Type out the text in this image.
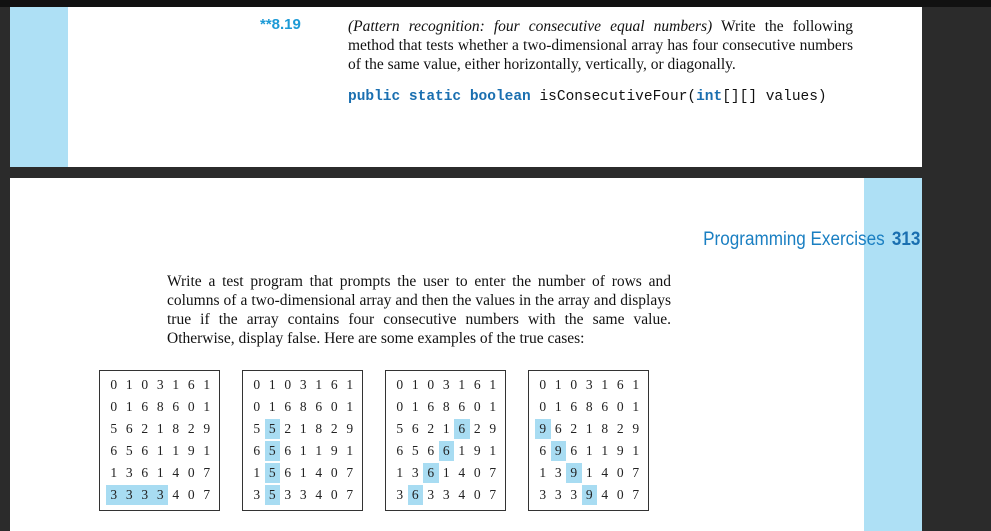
**8.19	(Pattern recognition: four consecutive equal numbers) Write the following method that tests whether a two-dimensional array has four consecutive numbers of the same value, either horizontally, vertically, or diagonally.
public static boolean isConsecutiveFour(int[][] values)
Programming Exercises 313
Write a test program that prompts the user to enter the number of rows and columns of a two-dimensional array and then the values in the array and displays true if the array contains four consecutive numbers with the same value. Otherwise, display false. Here are some examples of the true cases:
0 1 0 3 1 6 1
0 1 6 8 6 0 1
5 6 2 1 8 2 9
6 5 6 1 1 9 1
1 3 6 1 4 0 7
3 3 3 3 4 0 7
0 1 0 3 1 6 1
0 1 6 8 6 0 1
5 5 2 1 8 2 9
6 5 6 1 1 9 1
1 5 6 1 4 0 7
3 5 3 3 4 0 7
0 1 0 3 1 6 1
0 1 6 8 6 0 1
5 6 2 1 6 2 9
6 5 6 6 1 9 1
1 3 6 1 4 0 7
3 6 3 3 4 0 7
0 1 0 3 1 6 1
0 1 6 8 6 0 1
9 6 2 1 8 2 9
6 9 6 1 1 9 1
1 3 9 1 4 0 7
3 3 3 9 4 0 7
